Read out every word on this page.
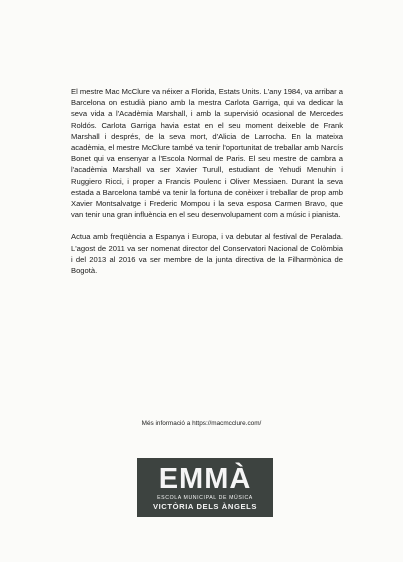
El mestre Mac McClure va néixer a Florida, Estats Units. L'any 1984, va arribar a Barcelona on estudià piano amb la mestra Carlota Garriga, qui va dedicar la seva vida a l'Acadèmia Marshall, i amb la supervisió ocasional de Mercedes Roldós. Carlota Garriga havia estat en el seu moment deixeble de Frank Marshall i després, de la seva mort, d'Alicia de Larrocha. En la mateixa acadèmia, el mestre McClure també va tenir l'oportunitat de treballar amb Narcís Bonet qui va ensenyar a l'Escola Normal de Paris. El seu mestre de cambra a l'acadèmia Marshall va ser Xavier Turull, estudiant de Yehudi Menuhin i Ruggiero Ricci, i proper a Francis Poulenc i Oliver Messiaen. Durant la seva estada a Barcelona també va tenir la fortuna de conèixer i treballar de prop amb Xavier Montsalvatge i Frederic Mompou i la seva esposa Carmen Bravo, que van tenir una gran influència en el seu desenvolupament com a músic i pianista.

Actua amb freqüència a Espanya i Europa, i va debutar al festival de Peralada. L'agost de 2011 va ser nomenat director del Conservatori Nacional de Colòmbia i del 2013 al 2016 va ser membre de la junta directiva de la Filharmònica de Bogotà.

Més informació a https://macmcclure.com/
EMMÀ
ESCOLA MUNICIPAL DE MÚSICA
VICTÒRIA DELS ÀNGELS
